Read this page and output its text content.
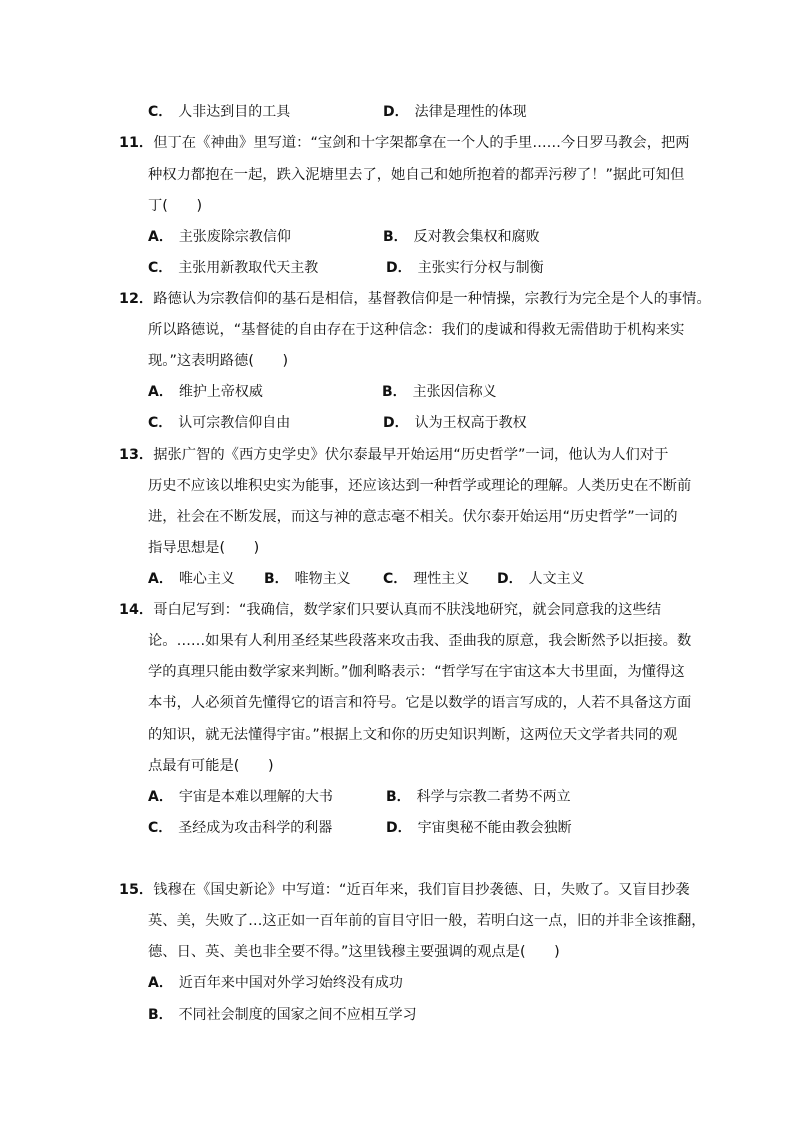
C． 人非达到目的工具	D． 法律是理性的体现
11．但丁在《神曲》里写道：“宝剑和十字架都拿在一个人的手里……今日罗马教会，把两
种权力都抱在一起，跌入泥塘里去了，她自己和她所抱着的都弄污秽了！”据此可知但
丁(　　)
A． 主张废除宗教信仰	B． 反对教会集权和腐败
C． 主张用新教取代天主教	D． 主张实行分权与制衡
12．路德认为宗教信仰的基石是相信，基督教信仰是一种情操，宗教行为完全是个人的事情。
所以路德说，“基督徒的自由存在于这种信念：我们的虔诚和得救无需借助于机构来实
现。”这表明路德(　　)
A． 维护上帝权威	B． 主张因信称义
C． 认可宗教信仰自由	D． 认为王权高于教权
13．据张广智的《西方史学史》伏尔泰最早开始运用“历史哲学”一词，他认为人们对于
历史不应该以堆积史实为能事，还应该达到一种哲学或理论的理解。人类历史在不断前
进，社会在不断发展，而这与神的意志毫不相关。伏尔泰开始运用“历史哲学”一词的
指导思想是(　　)
A． 唯心主义 B． 唯物主义 C． 理性主义 D． 人文主义
14．哥白尼写到：“我确信，数学家们只要认真而不肤浅地研究，就会同意我的这些结
论。……如果有人利用圣经某些段落来攻击我、歪曲我的原意，我会断然予以拒接。数
学的真理只能由数学家来判断。”伽利略表示：“哲学写在宇宙这本大书里面，为懂得这
本书，人必须首先懂得它的语言和符号。它是以数学的语言写成的，人若不具备这方面
的知识，就无法懂得宇宙。”根据上文和你的历史知识判断，这两位天文学者共同的观
点最有可能是(　　)
A． 宇宙是本难以理解的大书	B． 科学与宗教二者势不两立
C． 圣经成为攻击科学的利器	D． 宇宙奥秘不能由教会独断
15．钱穆在《国史新论》中写道：“近百年来，我们盲目抄袭德、日，失败了。又盲目抄袭
英、美，失败了…这正如一百年前的盲目守旧一般，若明白这一点，旧的并非全该推翻，
德、日、英、美也非全要不得。”这里钱穆主要强调的观点是(　　)
A． 近百年来中国对外学习始终没有成功
B． 不同社会制度的国家之间不应相互学习
